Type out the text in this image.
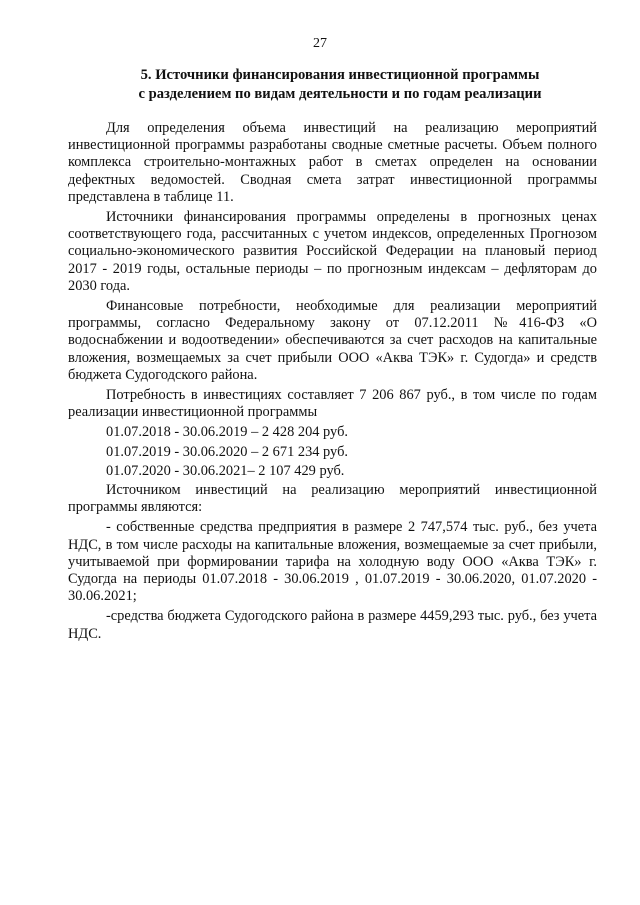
27
5. Источники финансирования инвестиционной программы
с разделением по видам деятельности и по годам реализации

Для определения объема инвестиций на реализацию мероприятий инвестиционной программы разработаны сводные сметные расчеты. Объем полного комплекса строительно-монтажных работ в сметах определен на основании дефектных ведомостей. Сводная смета затрат инвестиционной программы представлена в таблице 11.

Источники финансирования программы определены в прогнозных ценах соответствующего года, рассчитанных с учетом индексов, определенных Прогнозом социально-экономического развития Российской Федерации на плановый период 2017 - 2019 годы, остальные периоды – по прогнозным индексам – дефляторам до 2030 года.

Финансовые потребности, необходимые для реализации мероприятий программы, согласно Федеральному закону от 07.12.2011 №416-ФЗ «О водоснабжении и водоотведении» обеспечиваются за счет расходов на капитальные вложения, возмещаемых за счет прибыли ООО «Аква ТЭК» г. Судогда» и средств бюджета Судогодского района.

Потребность в инвестициях составляет 7 206 867 руб., в том числе по годам реализации инвестиционной программы

01.07.2018 - 30.06.2019 – 2 428 204 руб.

01.07.2019 - 30.06.2020 – 2 671 234 руб.

01.07.2020 - 30.06.2021– 2 107 429 руб.

Источником инвестиций на реализацию мероприятий инвестиционной программы являются:

- собственные средства предприятия в размере 2 747,574 тыс. руб., без учета НДС, в том числе расходы на капитальные вложения, возмещаемые за счет прибыли, учитываемой при формировании тарифа на холодную воду ООО «Аква ТЭК» г. Судогда на периоды 01.07.2018 - 30.06.2019 , 01.07.2019 - 30.06.2020, 01.07.2020 - 30.06.2021;

-средства бюджета Судогодского района в размере 4459,293 тыс. руб., без учета НДС.
